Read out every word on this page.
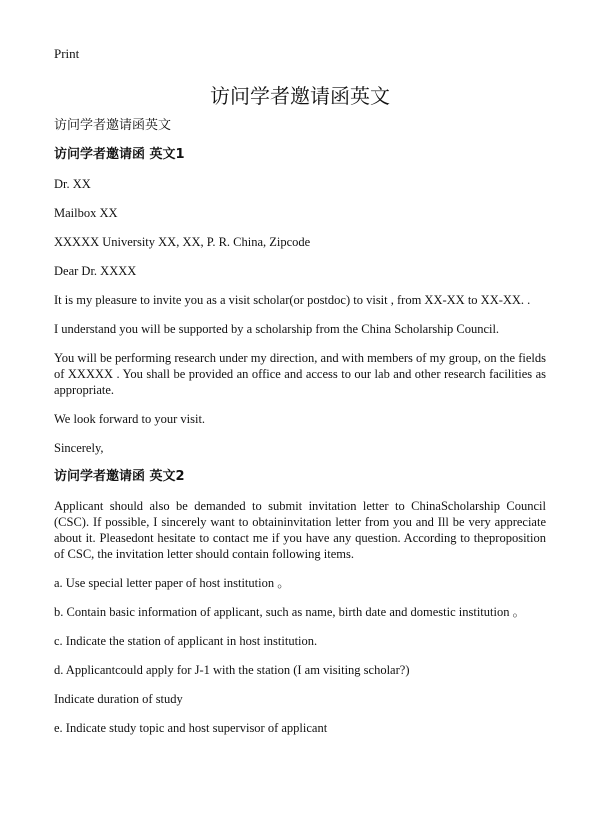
Print
访问学者邀请函英文

访问学者邀请函英文

访问学者邀请函 英文1

Dr. XX

Mailbox XX

XXXXX University XX, XX, P. R. China, Zipcode

Dear Dr. XXXX

It is my pleasure to invite you as a visit scholar(or postdoc) to visit , from XX-XX to XX-XX. .

I understand you will be supported by a scholarship from the China Scholarship Council.

You will be performing research under my direction, and with members of my group, on the fields of XXXXX . You shall be provided an office and access to our lab and other research facilities as appropriate.

We look forward to your visit.

Sincerely,

访问学者邀请函 英文2

Applicant should also be demanded to submit invitation letter to ChinaScholarship Council (CSC). If possible, I sincerely want to obtaininvitation letter from you and Ill be very appreciate about it. Pleasedont hesitate to contact me if you have any question. According to theproposition of CSC, the invitation letter should contain following items.

a. Use special letter paper of host institution 。

b. Contain basic information of applicant, such as name, birth date and domestic institution 。

c. Indicate the station of applicant in host institution.

d. Applicantcould apply for J-1 with the station (I am visiting scholar?)

Indicate duration of study

e. Indicate study topic and host supervisor of applicant
